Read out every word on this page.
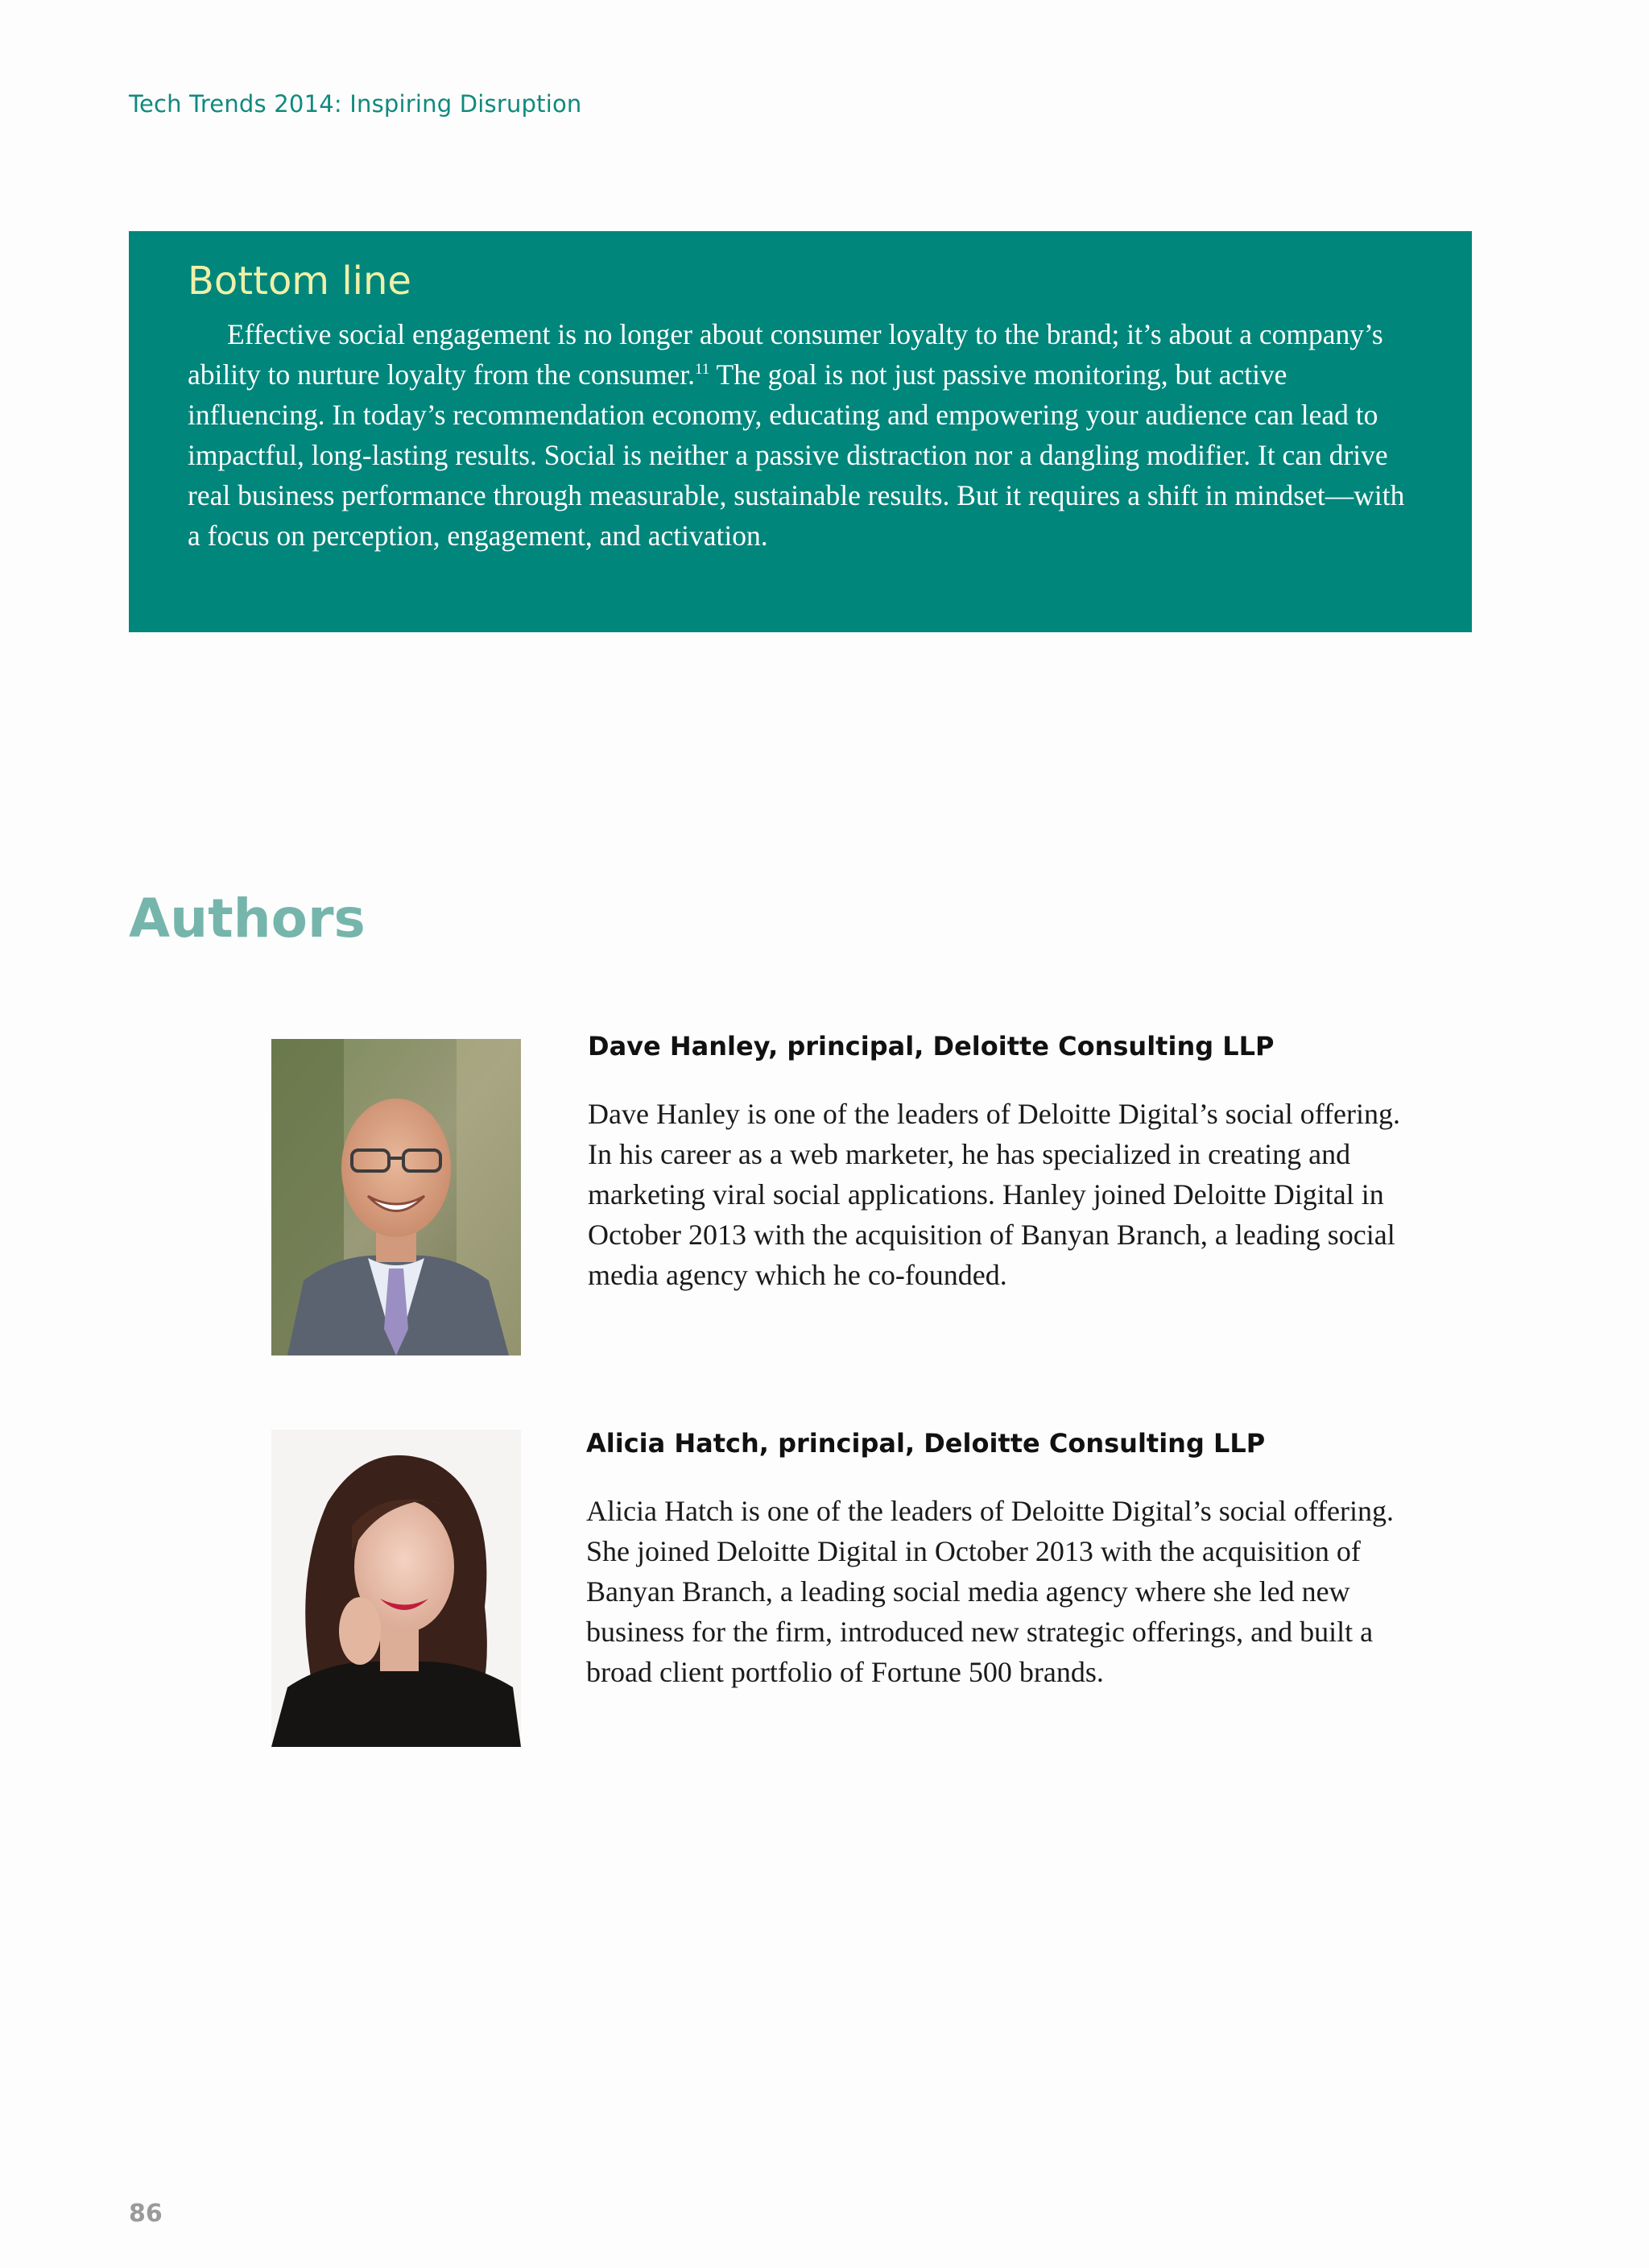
Tech Trends 2014: Inspiring Disruption
Bottom line

Effective social engagement is no longer about consumer loyalty to the brand; it’s about a company’s ability to nurture loyalty from the consumer.$^{11}$ The goal is not just passive monitoring, but active influencing. In today’s recommendation economy, educating and empowering your audience can lead to impactful, long-lasting results. Social is neither a passive distraction nor a dangling modifier. It can drive real business performance through measurable, sustainable results. But it requires a shift in mindset—with a focus on perception, engagement, and activation.

Authors

Dave Hanley, principal, Deloitte Consulting LLP

Dave Hanley is one of the leaders of Deloitte Digital’s social offering. In his career as a web marketer, he has specialized in creating and marketing viral social applications. Hanley joined Deloitte Digital in October 2013 with the acquisition of Banyan Branch, a leading social media agency which he co-founded.

Alicia Hatch, principal, Deloitte Consulting LLP

Alicia Hatch is one of the leaders of Deloitte Digital’s social offering. She joined Deloitte Digital in October 2013 with the acquisition of Banyan Branch, a leading social media agency where she led new business for the firm, introduced new strategic offerings, and built a broad client portfolio of Fortune 500 brands.

86
